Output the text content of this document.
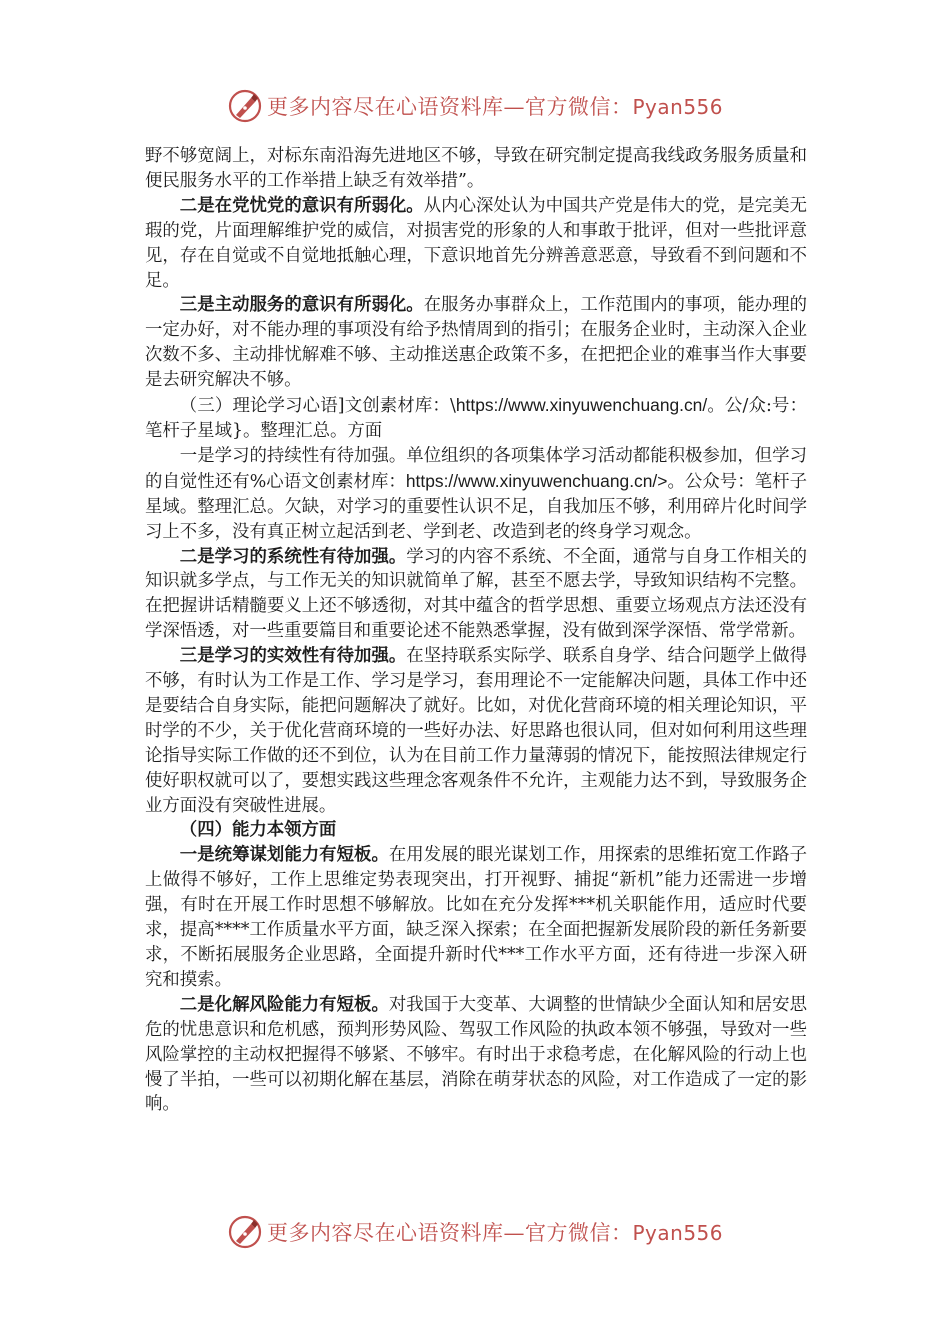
更多内容尽在心语资料库—官方微信：Pyan556

野不够宽阔上，对标东南沿海先进地区不够，导致在研究制定提高我线政务服务质量和便民服务水平的工作举措上缺乏有效举措”。

二是在党忧党的意识有所弱化。从内心深处认为中国共产党是伟大的党，是完美无瑕的党，片面理解维护党的威信，对损害党的形象的人和事敢于批评，但对一些批评意见，存在自觉或不自觉地抵触心理，下意识地首先分辨善意恶意，导致看不到问题和不足。

三是主动服务的意识有所弱化。在服务办事群众上，工作范围内的事项，能办理的一定办好，对不能办理的事项没有给予热情周到的指引；在服务企业时，主动深入企业次数不多、主动排忧解难不够、主动推送惠企政策不多，在把把企业的难事当作大事要是去研究解决不够。

（三）理论学习心语]文创素材库：\https://www.xinyuwenchuang.cn/。公/众:号：笔杆子星域}。整理汇总。方面

一是学习的持续性有待加强。单位组织的各项集体学习活动都能积极参加，但学习的自觉性还有%心语文创素材库：https://www.xinyuwenchuang.cn/>。公众号：笔杆子星域。整理汇总。欠缺，对学习的重要性认识不足，自我加压不够，利用碎片化时间学习上不多，没有真正树立起活到老、学到老、改造到老的终身学习观念。

二是学习的系统性有待加强。学习的内容不系统、不全面，通常与自身工作相关的知识就多学点，与工作无关的知识就简单了解，甚至不愿去学，导致知识结构不完整。在把握讲话精髓要义上还不够透彻，对其中蕴含的哲学思想、重要立场观点方法还没有学深悟透，对一些重要篇目和重要论述不能熟悉掌握，没有做到深学深悟、常学常新。

三是学习的实效性有待加强。在坚持联系实际学、联系自身学、结合问题学上做得不够，有时认为工作是工作、学习是学习，套用理论不一定能解决问题，具体工作中还是要结合自身实际，能把问题解决了就好。比如，对优化营商环境的相关理论知识，平时学的不少，关于优化营商环境的一些好办法、好思路也很认同，但对如何利用这些理论指导实际工作做的还不到位，认为在目前工作力量薄弱的情况下，能按照法律规定行使好职权就可以了，要想实践这些理念客观条件不允许，主观能力达不到，导致服务企业方面没有突破性进展。

（四）能力本领方面

一是统筹谋划能力有短板。在用发展的眼光谋划工作，用探索的思维拓宽工作路子上做得不够好，工作上思维定势表现突出，打开视野、捕捉“新机”能力还需进一步增强，有时在开展工作时思想不够解放。比如在充分发挥***机关职能作用，适应时代要求，提高****工作质量水平方面，缺乏深入探索；在全面把握新发展阶段的新任务新要求，不断拓展服务企业思路，全面提升新时代***工作水平方面，还有待进一步深入研究和摸索。

二是化解风险能力有短板。对我国于大变革、大调整的世情缺少全面认知和居安思危的忧患意识和危机感，预判形势风险、驾驭工作风险的执政本领不够强，导致对一些风险掌控的主动权把握得不够紧、不够牢。有时出于求稳考虑，在化解风险的行动上也慢了半拍，一些可以初期化解在基层，消除在萌芽状态的风险，对工作造成了一定的影响。

更多内容尽在心语资料库—官方微信：Pyan556
